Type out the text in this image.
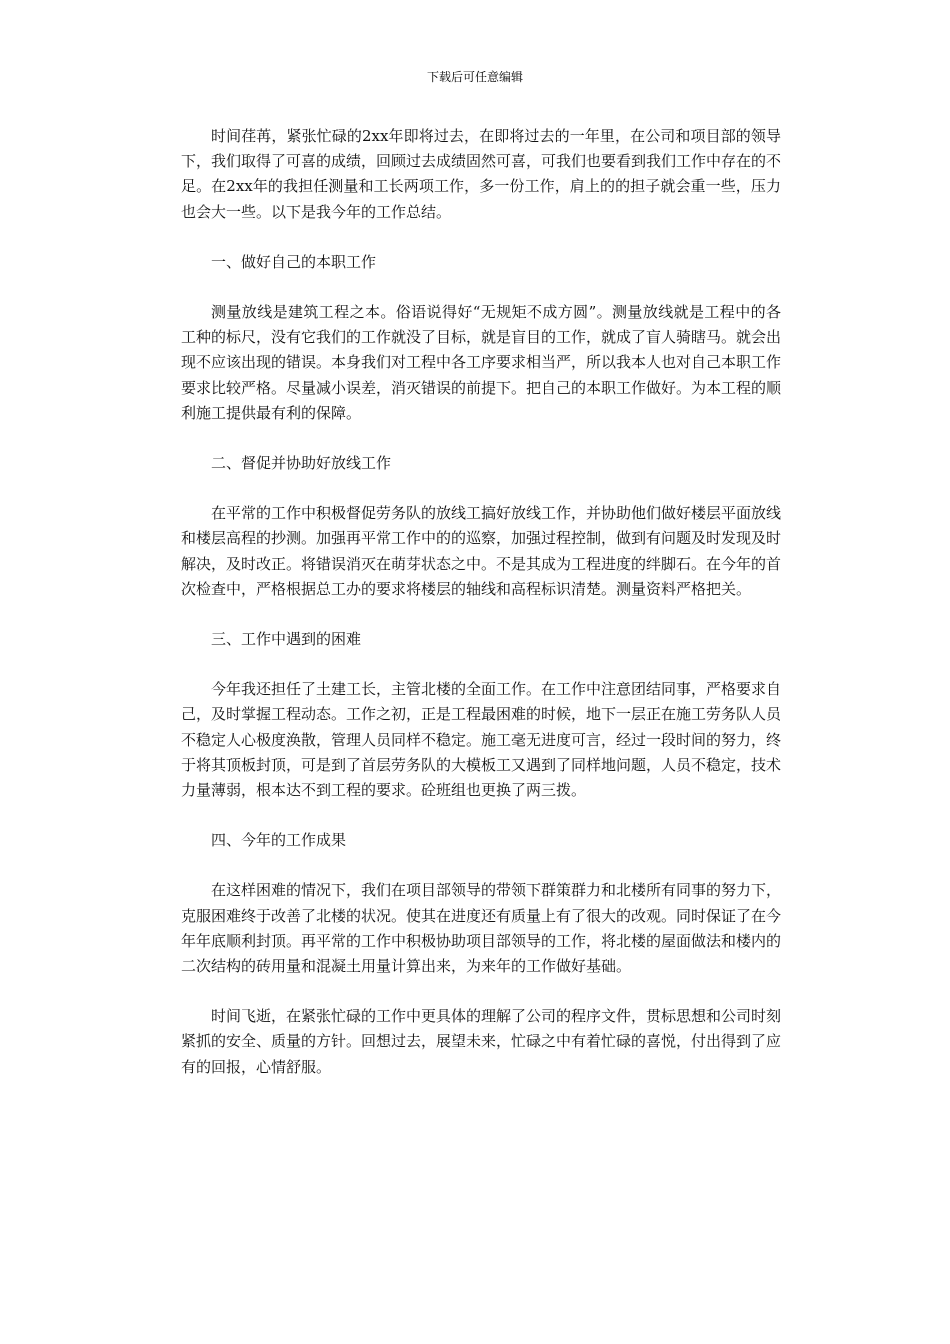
下载后可任意编辑

时间荏苒，紧张忙碌的2xx年即将过去，在即将过去的一年里，在公司和项目部的领导下，我们取得了可喜的成绩，回顾过去成绩固然可喜，可我们也要看到我们工作中存在的不足。在2xx年的我担任测量和工长两项工作，多一份工作，肩上的的担子就会重一些，压力也会大一些。以下是我今年的工作总结。

一、做好自己的本职工作

测量放线是建筑工程之本。俗语说得好“无规矩不成方圆”。测量放线就是工程中的各工种的标尺，没有它我们的工作就没了目标，就是盲目的工作，就成了盲人骑瞎马。就会出现不应该出现的错误。本身我们对工程中各工序要求相当严，所以我本人也对自己本职工作要求比较严格。尽量减小误差，消灭错误的前提下。把自己的本职工作做好。为本工程的顺利施工提供最有利的保障。

二、督促并协助好放线工作

在平常的工作中积极督促劳务队的放线工搞好放线工作，并协助他们做好楼层平面放线和楼层高程的抄测。加强再平常工作中的的巡察，加强过程控制，做到有问题及时发现及时解决，及时改正。将错误消灭在萌芽状态之中。不是其成为工程进度的绊脚石。在今年的首次检查中，严格根据总工办的要求将楼层的轴线和高程标识清楚。测量资料严格把关。

三、工作中遇到的困难

今年我还担任了土建工长，主管北楼的全面工作。在工作中注意团结同事，严格要求自己，及时掌握工程动态。工作之初，正是工程最困难的时候，地下一层正在施工劳务队人员不稳定人心极度涣散，管理人员同样不稳定。施工毫无进度可言，经过一段时间的努力，终于将其顶板封顶，可是到了首层劳务队的大模板工又遇到了同样地问题，人员不稳定，技术力量薄弱，根本达不到工程的要求。砼班组也更换了两三拨。

四、今年的工作成果

在这样困难的情况下，我们在项目部领导的带领下群策群力和北楼所有同事的努力下，克服困难终于改善了北楼的状况。使其在进度还有质量上有了很大的改观。同时保证了在今年年底顺利封顶。再平常的工作中积极协助项目部领导的工作，将北楼的屋面做法和楼内的二次结构的砖用量和混凝土用量计算出来，为来年的工作做好基础。

时间飞逝，在紧张忙碌的工作中更具体的理解了公司的程序文件，贯标思想和公司时刻紧抓的安全、质量的方针。回想过去，展望未来，忙碌之中有着忙碌的喜悦，付出得到了应有的回报，心情舒服。
